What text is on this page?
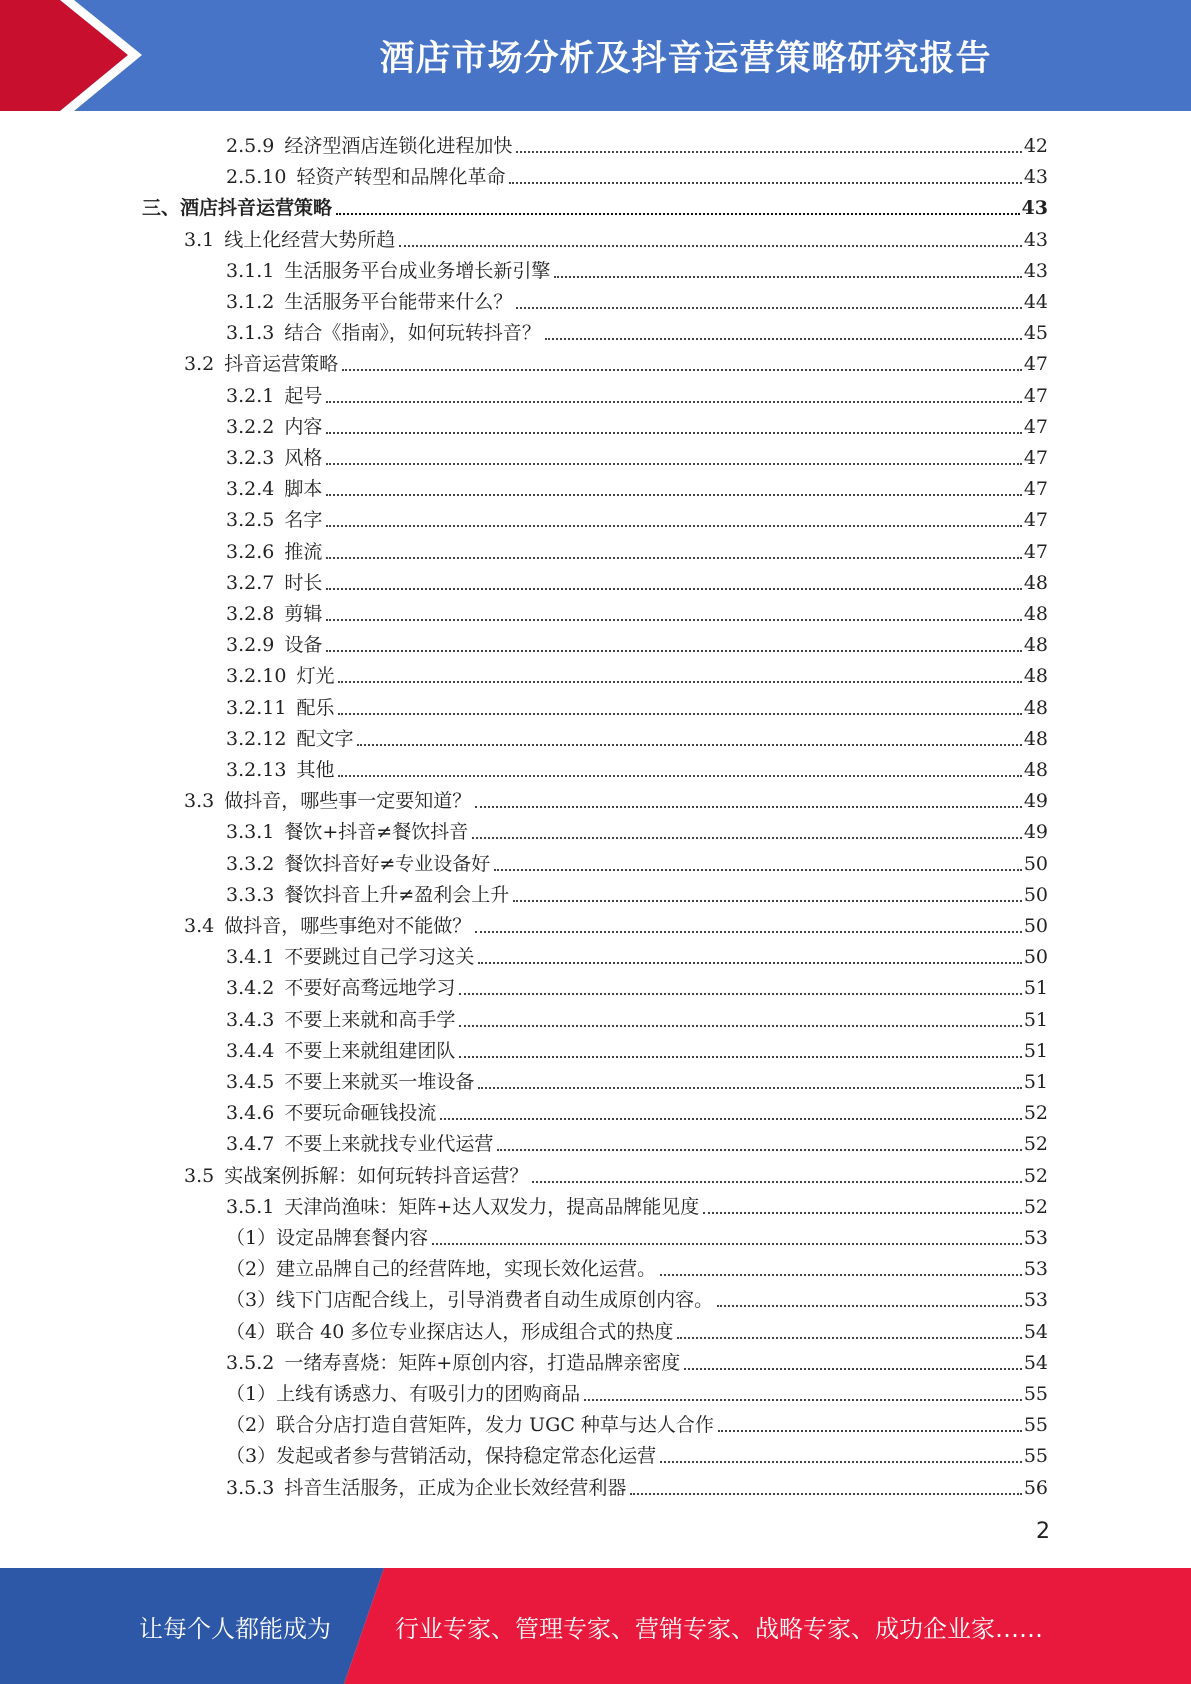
酒店市场分析及抖音运营策略研究报告
2.5.9 经济型酒店连锁化进程加快	42
2.5.10 轻资产转型和品牌化革命	43
三、 酒店抖音运营策略	43
3.1 线上化经营大势所趋	43
3.1.1 生活服务平台成业务增长新引擎	43
3.1.2 生活服务平台能带来什么？	44
3.1.3 结合《指南》，如何玩转抖音？	45
3.2 抖音运营策略	47
3.2.1 起号	47
3.2.2 内容	47
3.2.3 风格	47
3.2.4 脚本	47
3.2.5 名字	47
3.2.6 推流	47
3.2.7 时长	48
3.2.8 剪辑	48
3.2.9 设备	48
3.2.10 灯光	48
3.2.11 配乐	48
3.2.12 配文字	48
3.2.13 其他	48
3.3 做抖音，哪些事一定要知道？	49
3.3.1 餐饮+抖音≠餐饮抖音	49
3.3.2 餐饮抖音好≠专业设备好	50
3.3.3 餐饮抖音上升≠盈利会上升	50
3.4 做抖音，哪些事绝对不能做？	50
3.4.1 不要跳过自己学习这关	50
3.4.2 不要好高骛远地学习	51
3.4.3 不要上来就和高手学	51
3.4.4 不要上来就组建团队	51
3.4.5 不要上来就买一堆设备	51
3.4.6 不要玩命砸钱投流	52
3.4.7 不要上来就找专业代运营	52
3.5 实战案例拆解：如何玩转抖音运营？	52
3.5.1 天津尚渔味：矩阵+达人双发力，提高品牌能见度	52
（1） 设定品牌套餐内容	53
（2） 建立品牌自己的经营阵地，实现长效化运营。	53
（3） 线下门店配合线上，引导消费者自动生成原创内容。	53
（4） 联合 40 多位专业探店达人，形成组合式的热度	54
3.5.2 一绪寿喜烧：矩阵+原创内容，打造品牌亲密度	54
（1） 上线有诱惑力、有吸引力的团购商品	55
（2） 联合分店打造自营矩阵，发力 UGC 种草与达人合作	55
（3） 发起或者参与营销活动，保持稳定常态化运营	55
3.5.3 抖音生活服务，正成为企业长效经营利器	56
2
让每个人都能成为	行业专家、管理专家、营销专家、战略专家、成功企业家……
